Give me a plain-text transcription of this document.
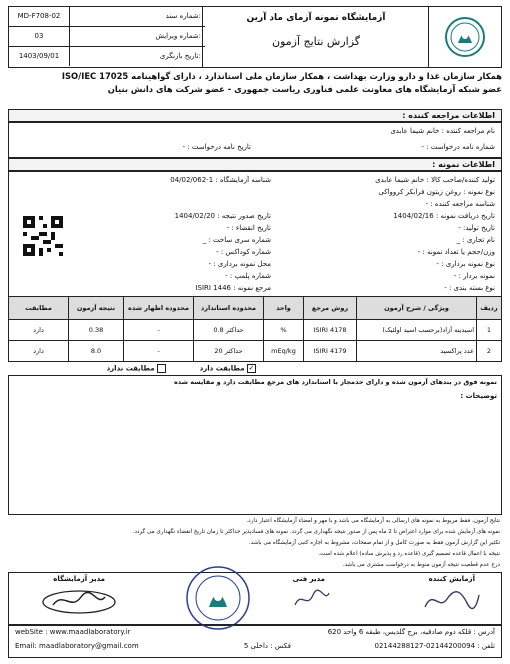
آزمایشگاه نمونه آزمای ماد آرین
گزارش نتایج آزمون
شماره سند:
MD-F708-02
شماره ویرایش:
03
تاریخ بازنگری:
1403/09/01
همکار سازمان غذا و دارو وزارت بهداشت ، همکار سازمان ملی استاندارد ، دارای گواهینامه ISO/IEC 17025
عضو شبکه آزمایشگاه های معاونت علمی فناوری ریاست جمهوری - عضو شرکت های دانش بنیان
اطلاعات مراجعه کننده :
نام مراجعه کننده : خانم شیما عابدی
شماره نامه درخواست : -
تاریخ نامه درخواست : -
اطلاعات نمونه :
تولید کننده/صاحب کالا : خانم شیما عابدی
شناسه آزمایشگاه : 1-04/02/062
نوع نمونه : روغن زیتون فرابکر کروواکی
شناسه مراجعه کننده : -
تاریخ دریافت نمونه : 1404/02/16
تاریخ صدور نتیجه : 1404/02/20
تاریخ تولید: -
تاریخ انقضاء : -
نام تجاری : _
شماره سری ساخت : _
وزن/حجم یا تعداد نمونه : -
شماره کوداکس : -
نوع نمونه برداری : -
محل نمونه برداری : -
نمونه بردار : -
شماره پلمپ : -
نوع بسته بندی : -
مرجع نمونه : ISIRI 1446
ردیف	ویژگی / شرح آزمون	روش مرجع	واحد	محدوده استاندارد	محدوده اظهار شده	نتیجه آزمون	مطابقت
1	اسیدیته آزاد(برحسب اسید اولئیک)	ISIRI 4178	%	حداکثر 0.8	-	0.38	دارد
2	عدد پراکسید	ISIRI 4179	mEq/kg	حداکثر 20	-	8.0	دارد
✓ مطابقت دارد
مطابقت ندارد
نمونه فوق در بندهای آزمون شده و دارای حدمجاز با استاندارد های مرجع مطابقت دارد و مقایسه شده
توضیحات :
نتایج آزمون، فقط مربوط به نمونه های ارسالی به آزمایشگاه می باشد و با مهر و امضاء آزمایشگاه اعتبار دارد.
نمونه های آزمایش شده برای موارد اعتراض تا 2 ماه پس از صدور نتیجه نگهداری می گردد. نمونه های فسادپذیر حداکثر تا زمان تاریخ انقضاء نگهداری می گردد.
تکثیر این گزارش آزمون فقط به صورت کامل و از تمام صفحات، مشروط به اجازه کتبی آزمایشگاه می باشد.
نتیجه با اعمال قاعده تصمیم گیری (قاعده رد و پذیرش ساده) اعلام شده است.
درج عدم قطعیت نتیجه آزمون منوط به درخواست مشتری می باشد.
آزمایش کننده
مدیر فنی
مدیر آزمایشگاه
آدرس : قلکه دوم صادقیه، برج گلدیس، طبقه 6 واحد 620
تلفن : 02144200094-02144288127
فکس : داخلی 5
webSite : www.maadlaboratory.ir
Email: maadlaboratory@gmail.com
